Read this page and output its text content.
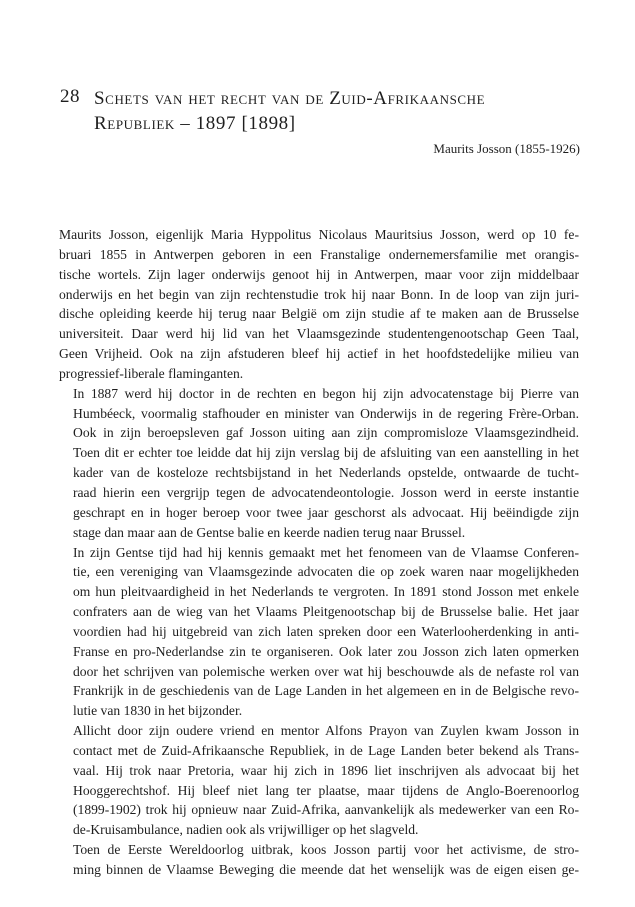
28 Schets van het recht van de Zuid-Afrikaansche
Republiek – 1897 [1898]
Maurits Josson (1855-1926)

Maurits Josson, eigenlijk Maria Hyppolitus Nicolaus Mauritsius Josson, werd op 10 fe-
bruari 1855 in Antwerpen geboren in een Franstalige ondernemersfamilie met orangis-
tische wortels. Zijn lager onderwijs genoot hij in Antwerpen, maar voor zijn middelbaar
onderwijs en het begin van zijn rechtenstudie trok hij naar Bonn. In de loop van zijn juri-
dische opleiding keerde hij terug naar België om zijn studie af te maken aan de Brusselse
universiteit. Daar werd hij lid van het Vlaamsgezinde studentengenootschap Geen Taal,
Geen Vrijheid. Ook na zijn afstuderen bleef hij actief in het hoofdstedelijke milieu van
progressief-liberale flaminganten.

In 1887 werd hij doctor in de rechten en begon hij zijn advocatenstage bij Pierre van
Humbéeck, voormalig stafhouder en minister van Onderwijs in de regering Frère-Orban.
Ook in zijn beroepsleven gaf Josson uiting aan zijn compromisloze Vlaamsgezindheid.
Toen dit er echter toe leidde dat hij zijn verslag bij de afsluiting van een aanstelling in het
kader van de kosteloze rechtsbijstand in het Nederlands opstelde, ontwaarde de tucht-
raad hierin een vergrijp tegen de advocatendeontologie. Josson werd in eerste instantie
geschrapt en in hoger beroep voor twee jaar geschorst als advocaat. Hij beëindigde zijn
stage dan maar aan de Gentse balie en keerde nadien terug naar Brussel.

In zijn Gentse tijd had hij kennis gemaakt met het fenomeen van de Vlaamse Conferen-
tie, een vereniging van Vlaamsgezinde advocaten die op zoek waren naar mogelijkheden
om hun pleitvaardigheid in het Nederlands te vergroten. In 1891 stond Josson met enkele
confraters aan de wieg van het Vlaams Pleitgenootschap bij de Brusselse balie. Het jaar
voordien had hij uitgebreid van zich laten spreken door een Waterlooherdenking in anti-
Franse en pro-Nederlandse zin te organiseren. Ook later zou Josson zich laten opmerken
door het schrijven van polemische werken over wat hij beschouwde als de nefaste rol van
Frankrijk in de geschiedenis van de Lage Landen in het algemeen en in de Belgische revo-
lutie van 1830 in het bijzonder.

Allicht door zijn oudere vriend en mentor Alfons Prayon van Zuylen kwam Josson in
contact met de Zuid-Afrikaansche Republiek, in de Lage Landen beter bekend als Trans-
vaal. Hij trok naar Pretoria, waar hij zich in 1896 liet inschrijven als advocaat bij het
Hooggerechtshof. Hij bleef niet lang ter plaatse, maar tijdens de Anglo-Boerenoorlog
(1899-1902) trok hij opnieuw naar Zuid-Afrika, aanvankelijk als medewerker van een Ro-
de-Kruisambulance, nadien ook als vrijwilliger op het slagveld.

Toen de Eerste Wereldoorlog uitbrak, koos Josson partij voor het activisme, de stro-
ming binnen de Vlaamse Beweging die meende dat het wenselijk was de eigen eisen ge-
